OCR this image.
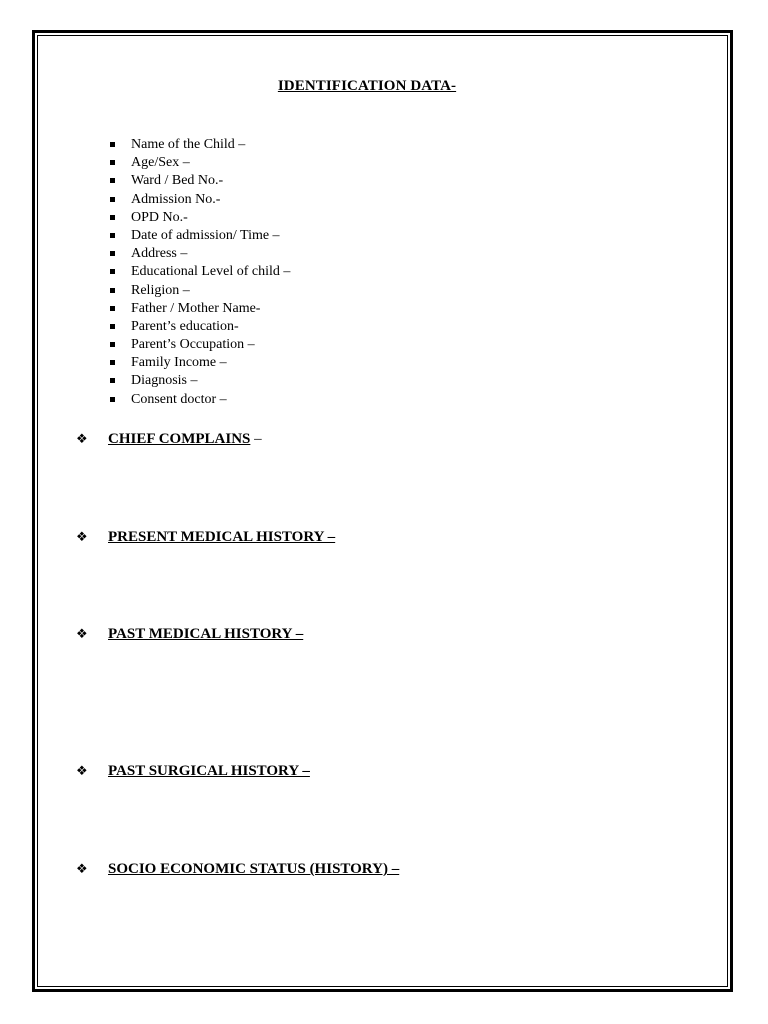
IDENTIFICATION DATA-
Name of the Child –
Age/Sex –
Ward / Bed No.-
Admission No.-
OPD No.-
Date of admission/ Time –
Address –
Educational Level of child –
Religion –
Father / Mother Name-
Parent’s education-
Parent’s Occupation –
Family Income –
Diagnosis –
Consent doctor –
❖ CHIEF COMPLAINS –
❖ PRESENT MEDICAL HISTORY –
❖ PAST MEDICAL HISTORY –
❖ PAST SURGICAL HISTORY –
❖ SOCIO ECONOMIC STATUS (HISTORY) –
